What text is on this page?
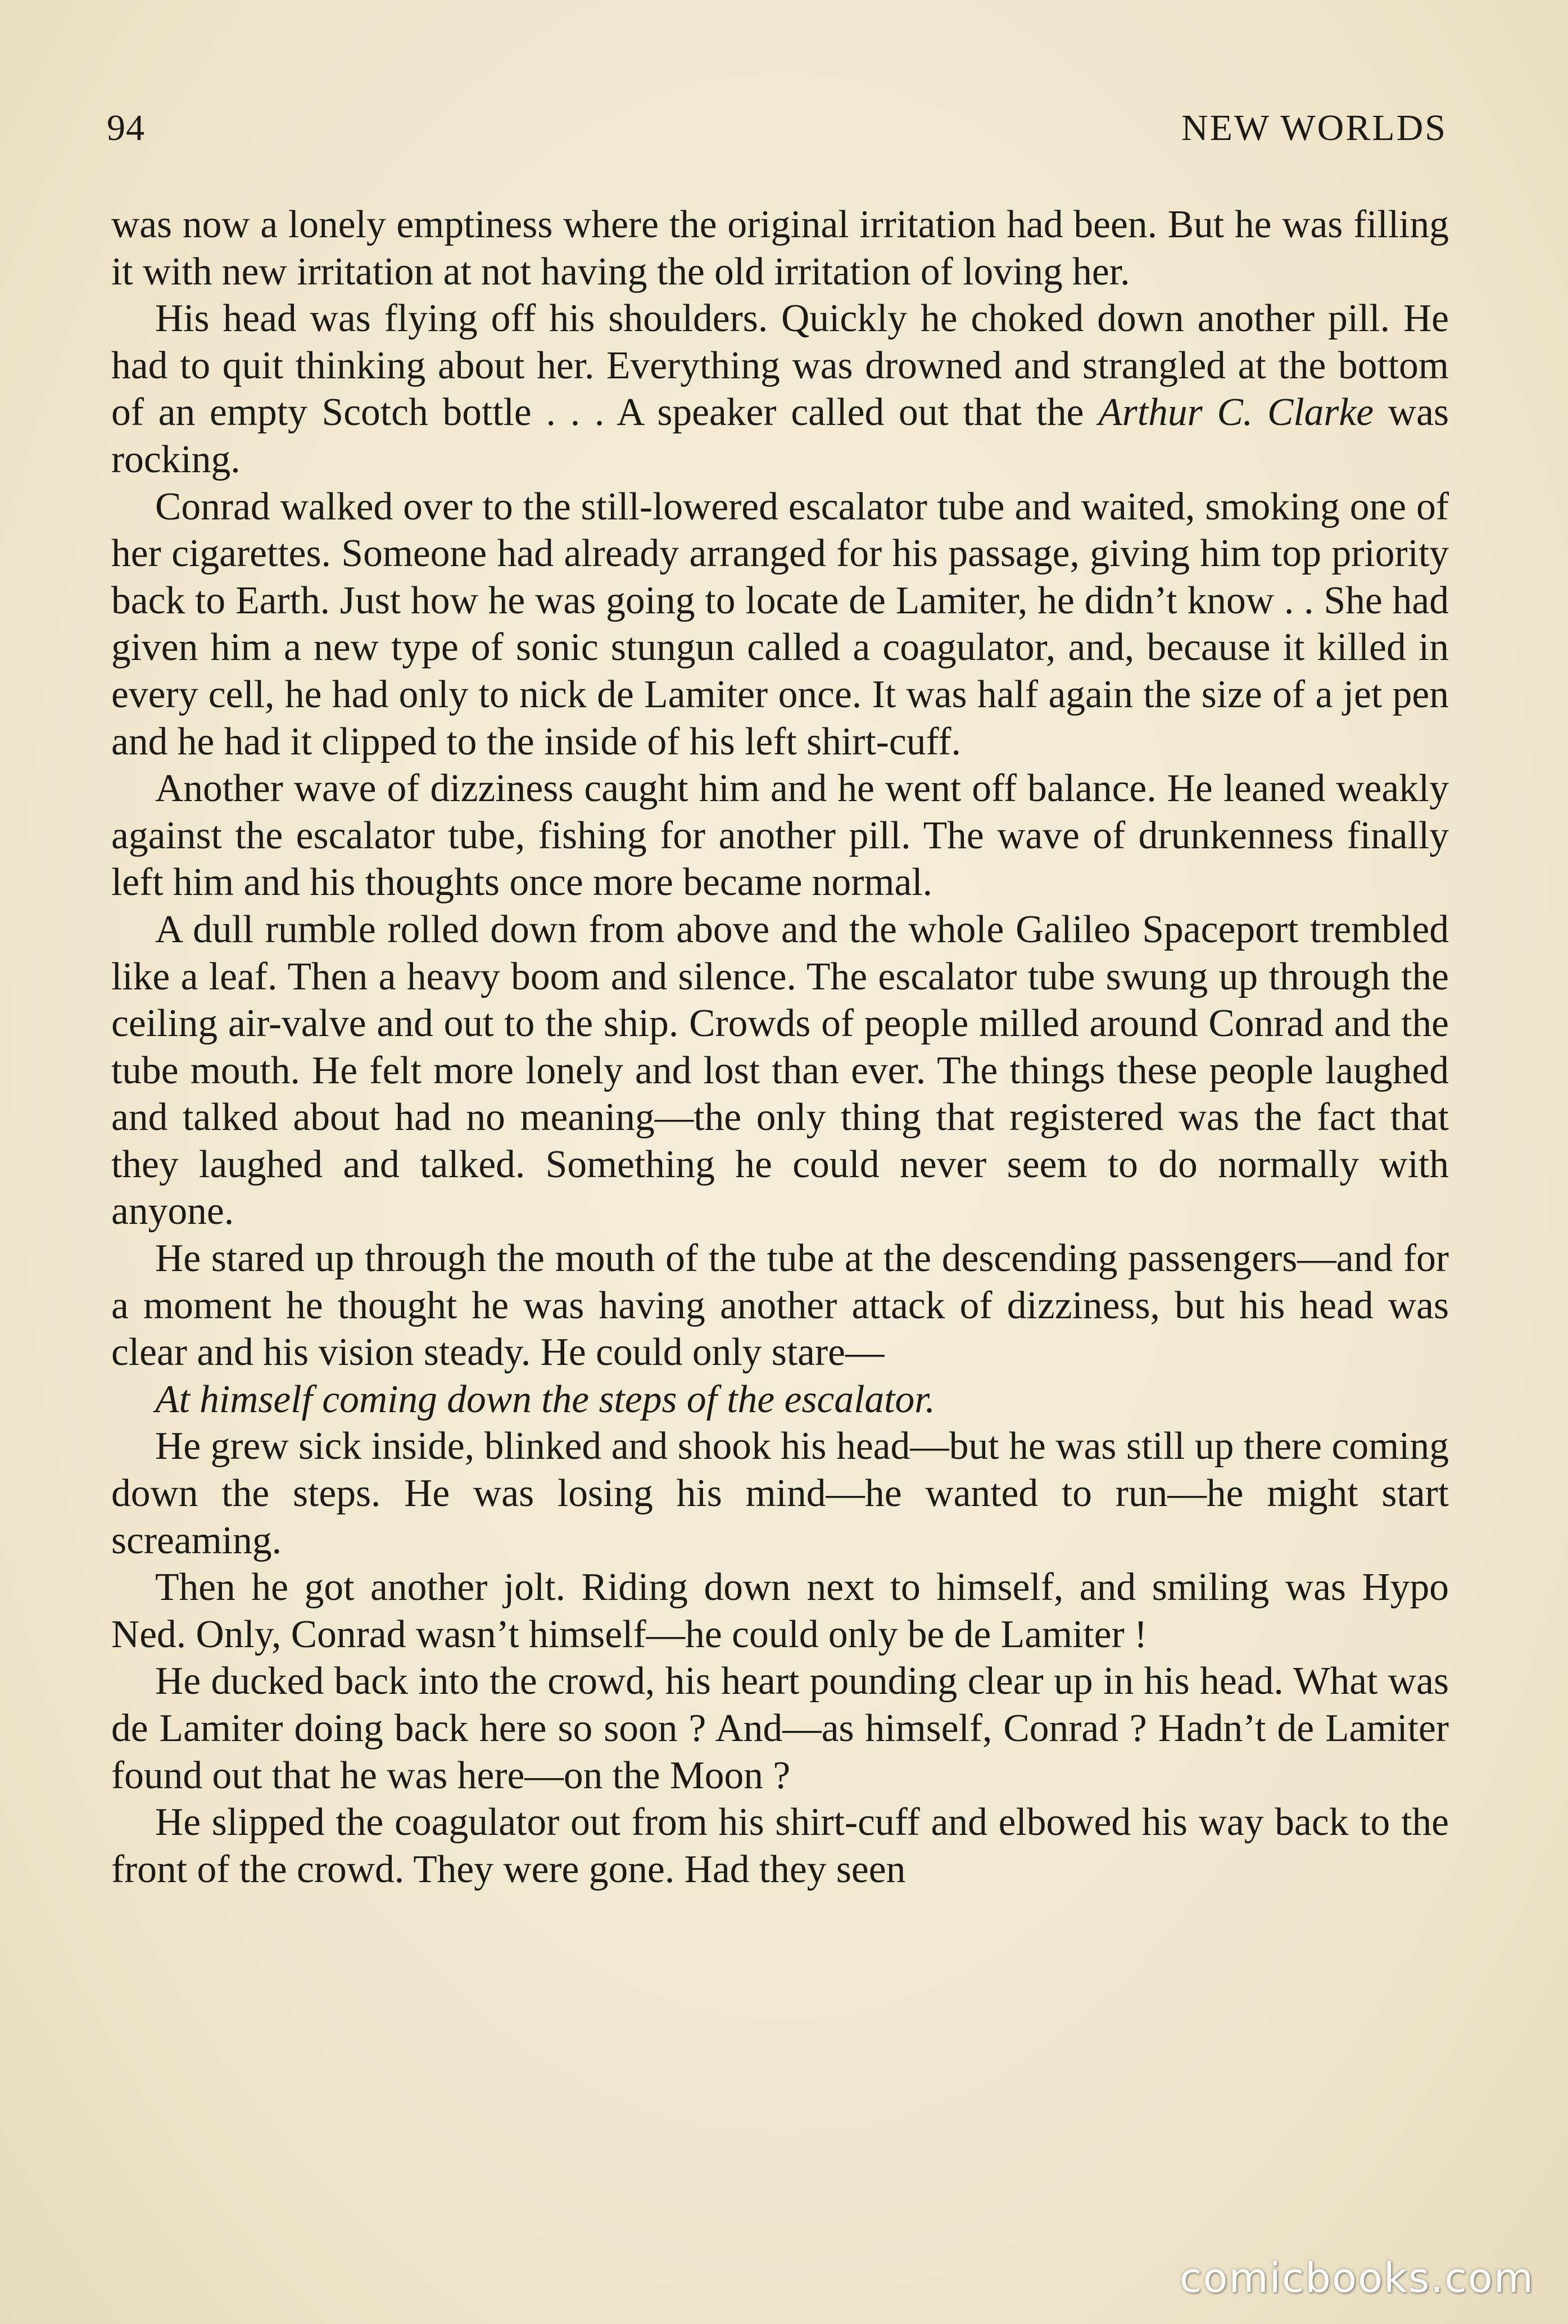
94	NEW WORLDS

was now a lonely emptiness where the original irritation had been. But he was filling it with new irritation at not having the old irritation of loving her.

His head was flying off his shoulders. Quickly he choked down another pill. He had to quit thinking about her. Everything was drowned and strangled at the bottom of an empty Scotch bottle . . . A speaker called out that the Arthur C. Clarke was rocking.

Conrad walked over to the still-lowered escalator tube and waited, smoking one of her cigarettes. Someone had already arranged for his passage, giving him top priority back to Earth. Just how he was going to locate de Lamiter, he didn’t know . . She had given him a new type of sonic stungun called a coagulator, and, because it killed in every cell, he had only to nick de Lamiter once. It was half again the size of a jet pen and he had it clipped to the inside of his left shirt-cuff.

Another wave of dizziness caught him and he went off balance. He leaned weakly against the escalator tube, fishing for another pill. The wave of drunkenness finally left him and his thoughts once more became normal.

A dull rumble rolled down from above and the whole Galileo Spaceport trembled like a leaf. Then a heavy boom and silence. The escalator tube swung up through the ceiling air-valve and out to the ship. Crowds of people milled around Conrad and the tube mouth. He felt more lonely and lost than ever. The things these people laughed and talked about had no meaning—the only thing that registered was the fact that they laughed and talked. Something he could never seem to do normally with anyone.

He stared up through the mouth of the tube at the descending passengers—and for a moment he thought he was having another attack of dizziness, but his head was clear and his vision steady. He could only stare—

At himself coming down the steps of the escalator.

He grew sick inside, blinked and shook his head—but he was still up there coming down the steps. He was losing his mind—he wanted to run—he might start screaming.

Then he got another jolt. Riding down next to himself, and smiling was Hypo Ned. Only, Conrad wasn’t himself—he could only be de Lamiter !

He ducked back into the crowd, his heart pounding clear up in his head. What was de Lamiter doing back here so soon ? And—as himself, Conrad ? Hadn’t de Lamiter found out that he was here—on the Moon ?

He slipped the coagulator out from his shirt-cuff and elbowed his way back to the front of the crowd. They were gone. Had they seen

comicbooks.com
